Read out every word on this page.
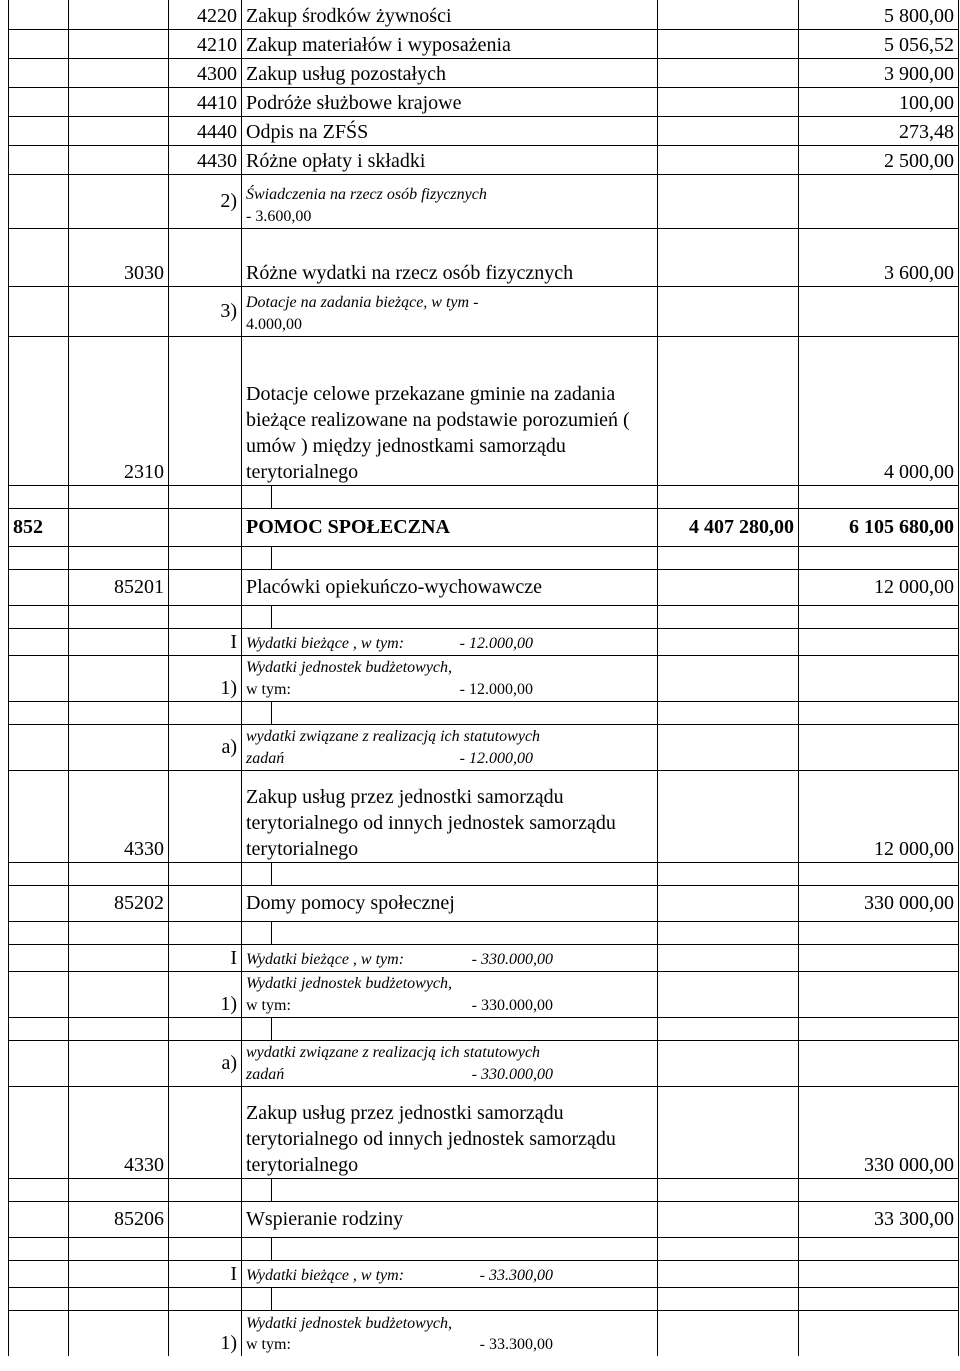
		4220	Zakup środków żywności			5 800,00
		4210	Zakup materiałów i wyposażenia			5 056,52
		4300	Zakup usług pozostałych			3 900,00
		4410	Podróże służbowe krajowe			100,00
		4440	Odpis na ZFŚS			273,48
		4430	Różne opłaty i składki			2 500,00
		2)	Świadczenia na rzecz osób fizycznych
- 3.600,00			

	3030		Różne wydatki na rzecz osób fizycznych			3 600,00
		3)	Dotacje na zadania bieżące, w tym -
4.000,00			

	2310		Dotacje celowe przekazane gminie na zadania bieżące realizowane na podstawie porozumień ( umów ) między jednostkami samorządu terytorialnego			4 000,00

852			POMOC SPOŁECZNA		4 407 280,00	6 105 680,00

	85201		Placówki opiekuńczo-wychowawcze			12 000,00

		I	Wydatki bieżące , w tym: - 12.000,00			

		1)	Wydatki jednostek budżetowych,
w tym: - 12.000,00			

		a)	wydatki związane z realizacją ich statutowych
zadań - 12.000,00			

	4330		Zakup usług przez jednostki samorządu terytorialnego od innych jednostek samorządu terytorialnego			12 000,00

	85202		Domy pomocy społecznej			330 000,00

		I	Wydatki bieżące , w tym: - 330.000,00			

		1)	Wydatki jednostek budżetowych,
w tym: - 330.000,00			

		a)	wydatki związane z realizacją ich statutowych
zadań - 330.000,00			

	4330		Zakup usług przez jednostki samorządu terytorialnego od innych jednostek samorządu terytorialnego			330 000,00

	85206		Wspieranie rodziny			33 300,00

		I	Wydatki bieżące , w tym: - 33.300,00			

		1)	Wydatki jednostek budżetowych,
w tym: - 33.300,00			
